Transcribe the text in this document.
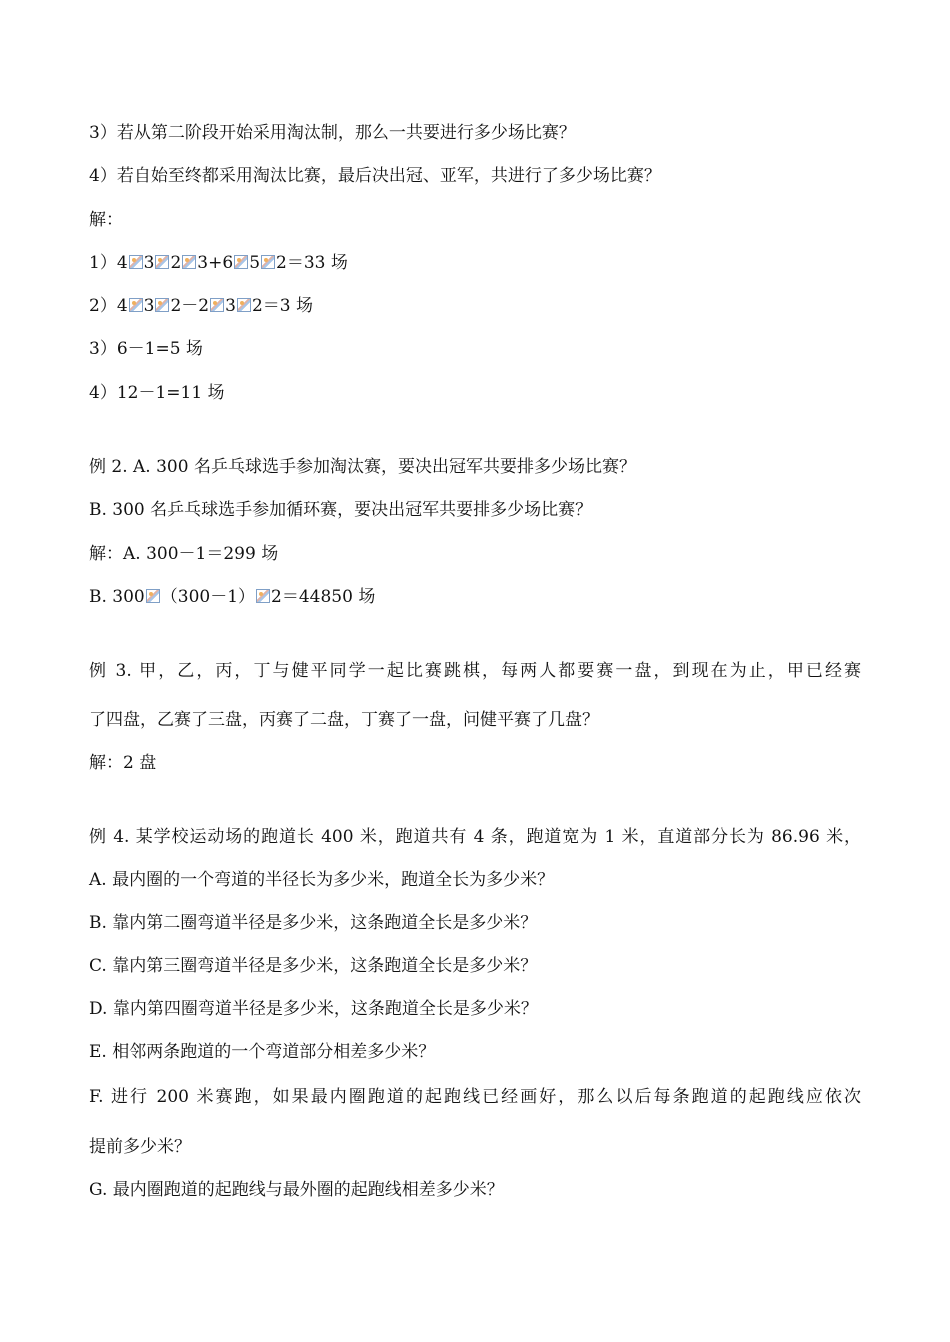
3）若从第二阶段开始采用淘汰制，那么一共要进行多少场比赛？
4）若自始至终都采用淘汰比赛，最后决出冠、亚军，共进行了多少场比赛？
解：
1）4 3 2 3+6 5 2＝33 场
2）4 3 2－2 3 2＝3 场
3）6－1=5 场
4）12－1=11 场
例 2. A. 300 名乒乓球选手参加淘汰赛，要决出冠军共要排多少场比赛？
B. 300 名乒乓球选手参加循环赛，要决出冠军共要排多少场比赛？
解：A. 300－1＝299 场
B. 300 （300－1） 2＝44850 场
例 3. 甲，乙，丙，丁与健平同学一起比赛跳棋，每两人都要赛一盘，到现在为止，甲已经赛
了四盘，乙赛了三盘，丙赛了二盘，丁赛了一盘，问健平赛了几盘？
解：2 盘
例 4. 某学校运动场的跑道长 400 米，跑道共有 4 条，跑道宽为 1 米，直道部分长为 86.96 米，
A. 最内圈的一个弯道的半径长为多少米，跑道全长为多少米？
B. 靠内第二圈弯道半径是多少米，这条跑道全长是多少米？
C. 靠内第三圈弯道半径是多少米，这条跑道全长是多少米？
D. 靠内第四圈弯道半径是多少米，这条跑道全长是多少米？
E. 相邻两条跑道的一个弯道部分相差多少米？
F. 进行 200 米赛跑，如果最内圈跑道的起跑线已经画好，那么以后每条跑道的起跑线应依次
提前多少米？
G. 最内圈跑道的起跑线与最外圈的起跑线相差多少米？
